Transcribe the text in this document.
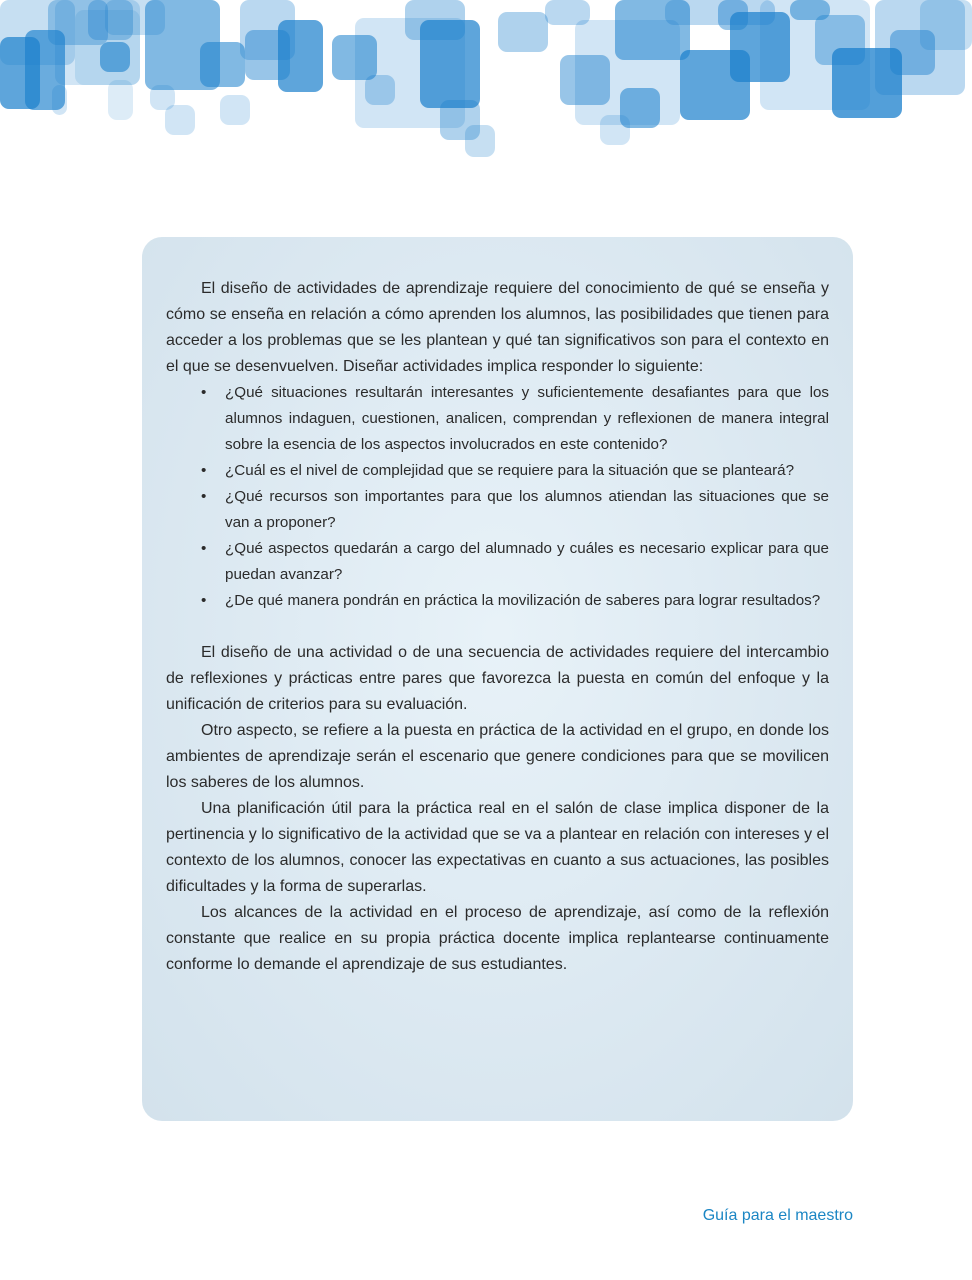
El diseño de actividades de aprendizaje requiere del conocimiento de qué se enseña y cómo se enseña en relación a cómo aprenden los alumnos, las posibilidades que tienen para acceder a los problemas que se les plantean y qué tan significativos son para el contexto en el que se desenvuelven. Diseñar actividades implica responder lo siguiente:

• ¿Qué situaciones resultarán interesantes y suficientemente desafiantes para que los alumnos indaguen, cuestionen, analicen, comprendan y reflexionen de manera integral sobre la esencia de los aspectos involucrados en este contenido?
• ¿Cuál es el nivel de complejidad que se requiere para la situación que se planteará?
• ¿Qué recursos son importantes para que los alumnos atiendan las situaciones que se van a proponer?
• ¿Qué aspectos quedarán a cargo del alumnado y cuáles es necesario explicar para que puedan avanzar?
• ¿De qué manera pondrán en práctica la movilización de saberes para lograr resultados?

El diseño de una actividad o de una secuencia de actividades requiere del intercambio de reflexiones y prácticas entre pares que favorezca la puesta en común del enfoque y la unificación de criterios para su evaluación.

Otro aspecto, se refiere a la puesta en práctica de la actividad en el grupo, en donde los ambientes de aprendizaje serán el escenario que genere condiciones para que se movilicen los saberes de los alumnos.

Una planificación útil para la práctica real en el salón de clase implica disponer de la pertinencia y lo significativo de la actividad que se va a plantear en relación con intereses y el contexto de los alumnos, conocer las expectativas en cuanto a sus actuaciones, las posibles dificultades y la forma de superarlas.

Los alcances de la actividad en el proceso de aprendizaje, así como de la reflexión constante que realice en su propia práctica docente implica replantearse continuamente conforme lo demande el aprendizaje de sus estudiantes.

Guía para el maestro
